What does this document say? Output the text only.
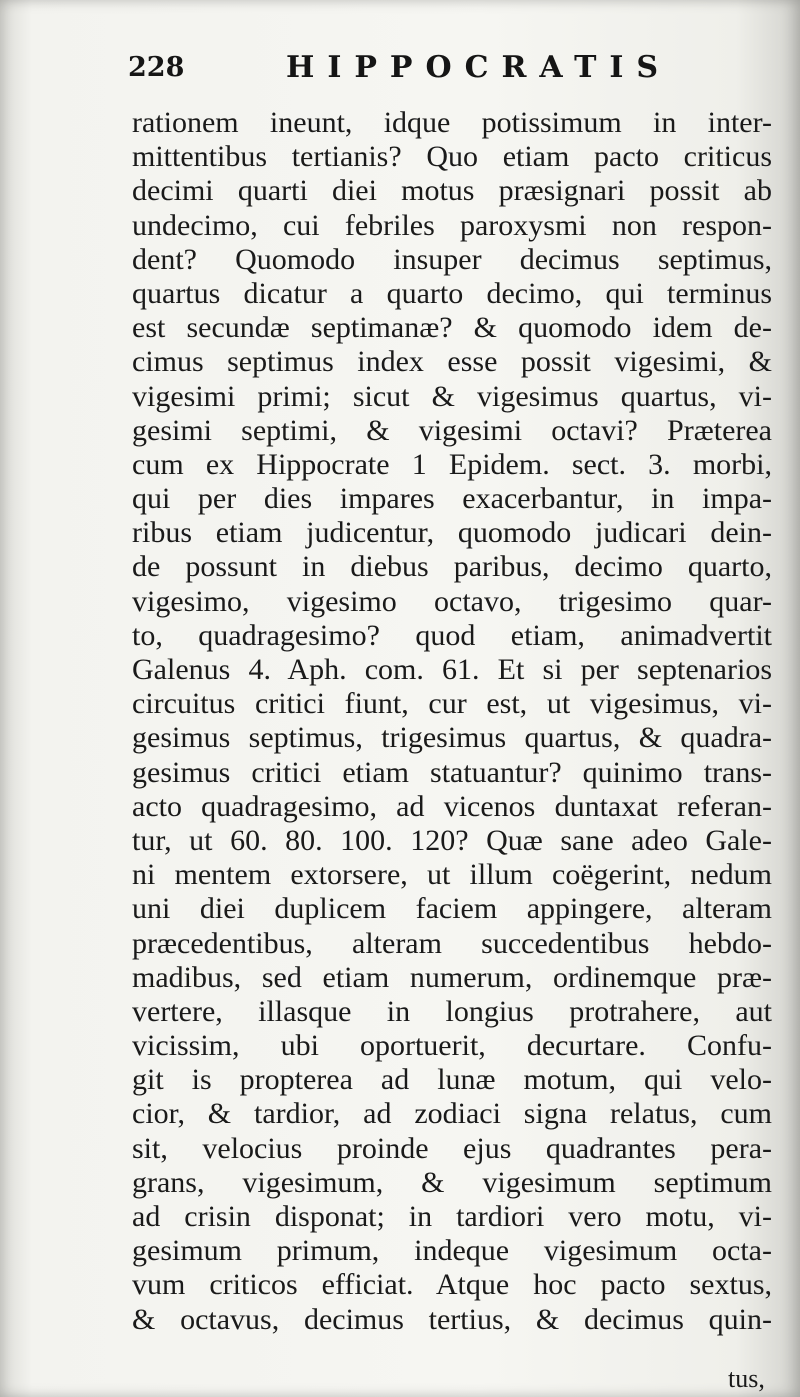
228	HIPPOCRATIS
rationem ineunt, idque potissimum in inter-
mittentibus tertianis? Quo etiam pacto criticus
decimi quarti diei motus præsignari possit ab
undecimo, cui febriles paroxysmi non respon-
dent? Quomodo insuper decimus septimus,
quartus dicatur a quarto decimo, qui terminus
est secundæ septimanæ? & quomodo idem de-
cimus septimus index esse possit vigesimi, &
vigesimi primi; sicut & vigesimus quartus, vi-
gesimi septimi, & vigesimi octavi? Præterea
cum ex Hippocrate 1 Epidem. sect. 3. morbi,
qui per dies impares exacerbantur, in impa-
ribus etiam judicentur, quomodo judicari dein-
de possunt in diebus paribus, decimo quarto,
vigesimo, vigesimo octavo, trigesimo quar-
to, quadragesimo? quod etiam, animadvertit
Galenus 4. Aph. com. 61. Et si per septenarios
circuitus critici fiunt, cur est, ut vigesimus, vi-
gesimus septimus, trigesimus quartus, & quadra-
gesimus critici etiam statuantur? quinimo trans-
acto quadragesimo, ad vicenos duntaxat referan-
tur, ut 60. 80. 100. 120? Quæ sane adeo Gale-
ni mentem extorsere, ut illum coëgerint, nedum
uni diei duplicem faciem appingere, alteram
præcedentibus, alteram succedentibus hebdo-
madibus, sed etiam numerum, ordinemque præ-
vertere, illasque in longius protrahere, aut
vicissim, ubi oportuerit, decurtare. Confu-
git is propterea ad lunæ motum, qui velo-
cior, & tardior, ad zodiaci signa relatus, cum
sit, velocius proinde ejus quadrantes pera-
grans, vigesimum, & vigesimum septimum
ad crisin disponat; in tardiori vero motu, vi-
gesimum primum, indeque vigesimum octa-
vum criticos efficiat. Atque hoc pacto sextus,
& octavus, decimus tertius, & decimus quin-
tus,
